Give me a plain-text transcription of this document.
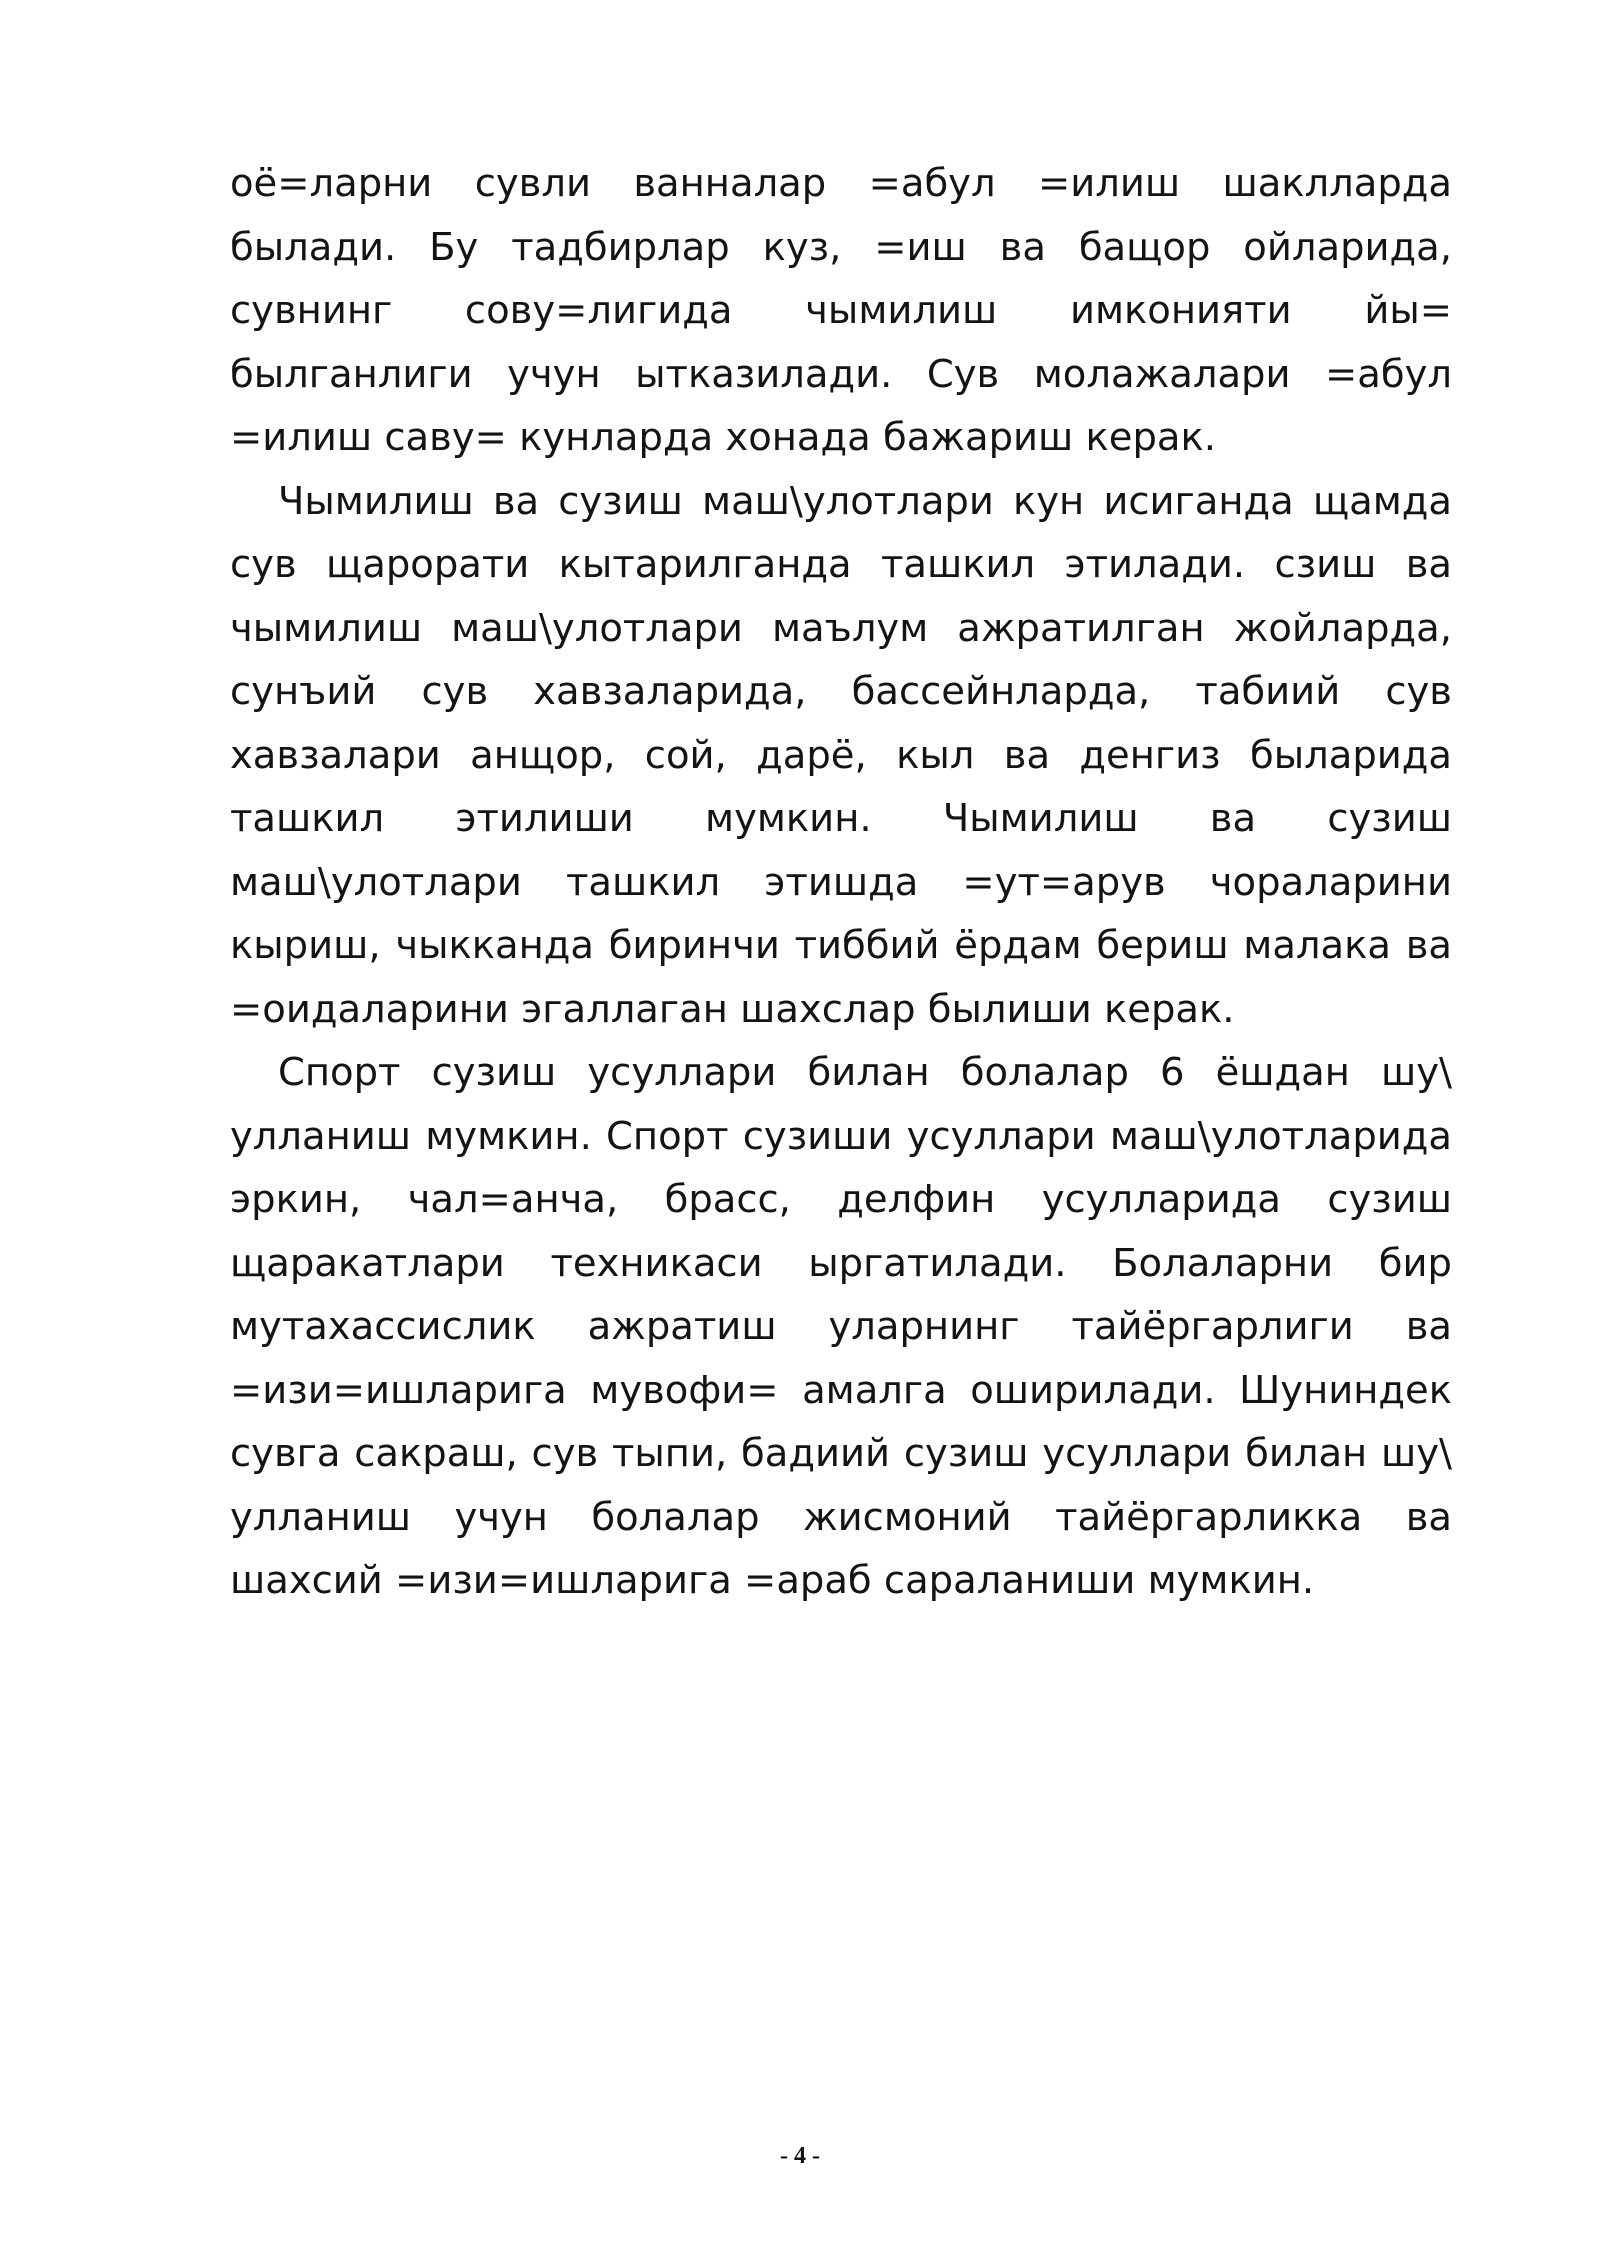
оё=ларни сувли ванналар =абул =илиш шаклларда былади. Бу тадбирлар куз, =иш ва бащор ойларида, сувнинг сову=лигида чымилиш имконияти йы= былганлиги учун ытказилади. Сув молажалари =абул =илиш саву= кунларда хонада бажариш керак.

Чымилиш ва сузиш маш\улотлари кун исиганда щамда сув щарорати кытарилганда ташкил этилади. сзиш ва чымилиш маш\улотлари маълум ажратилган жойларда, сунъий сув хавзаларида, бассейнларда, табиий сув хавзалари анщор, сой, дарё, кыл ва денгиз быларида ташкил этилиши мумкин. Чымилиш ва сузиш маш\улотлари ташкил этишда =ут=арув чораларини кыриш, чыкканда биринчи тиббий ёрдам бериш малака ва =оидаларини эгаллаган шахслар былиши керак.

Спорт сузиш усуллари билан болалар 6 ёшдан шу\ улланиш мумкин. Спорт сузиши усуллари маш\улотларида эркин, чал=анча, брасс, делфин усулларида сузиш щаракатлари техникаси ыргатилади. Болаларни бир мутахассислик ажратиш уларнинг тайёргарлиги ва =изи=ишларига мувофи= амалга оширилади. Шуниндек сувга сакраш, сув тыпи, бадиий сузиш усуллари билан шу\ улланиш учун болалар жисмоний тайёргарликка ва шахсий =изи=ишларига =араб сараланиши мумкин.

- 4 -
